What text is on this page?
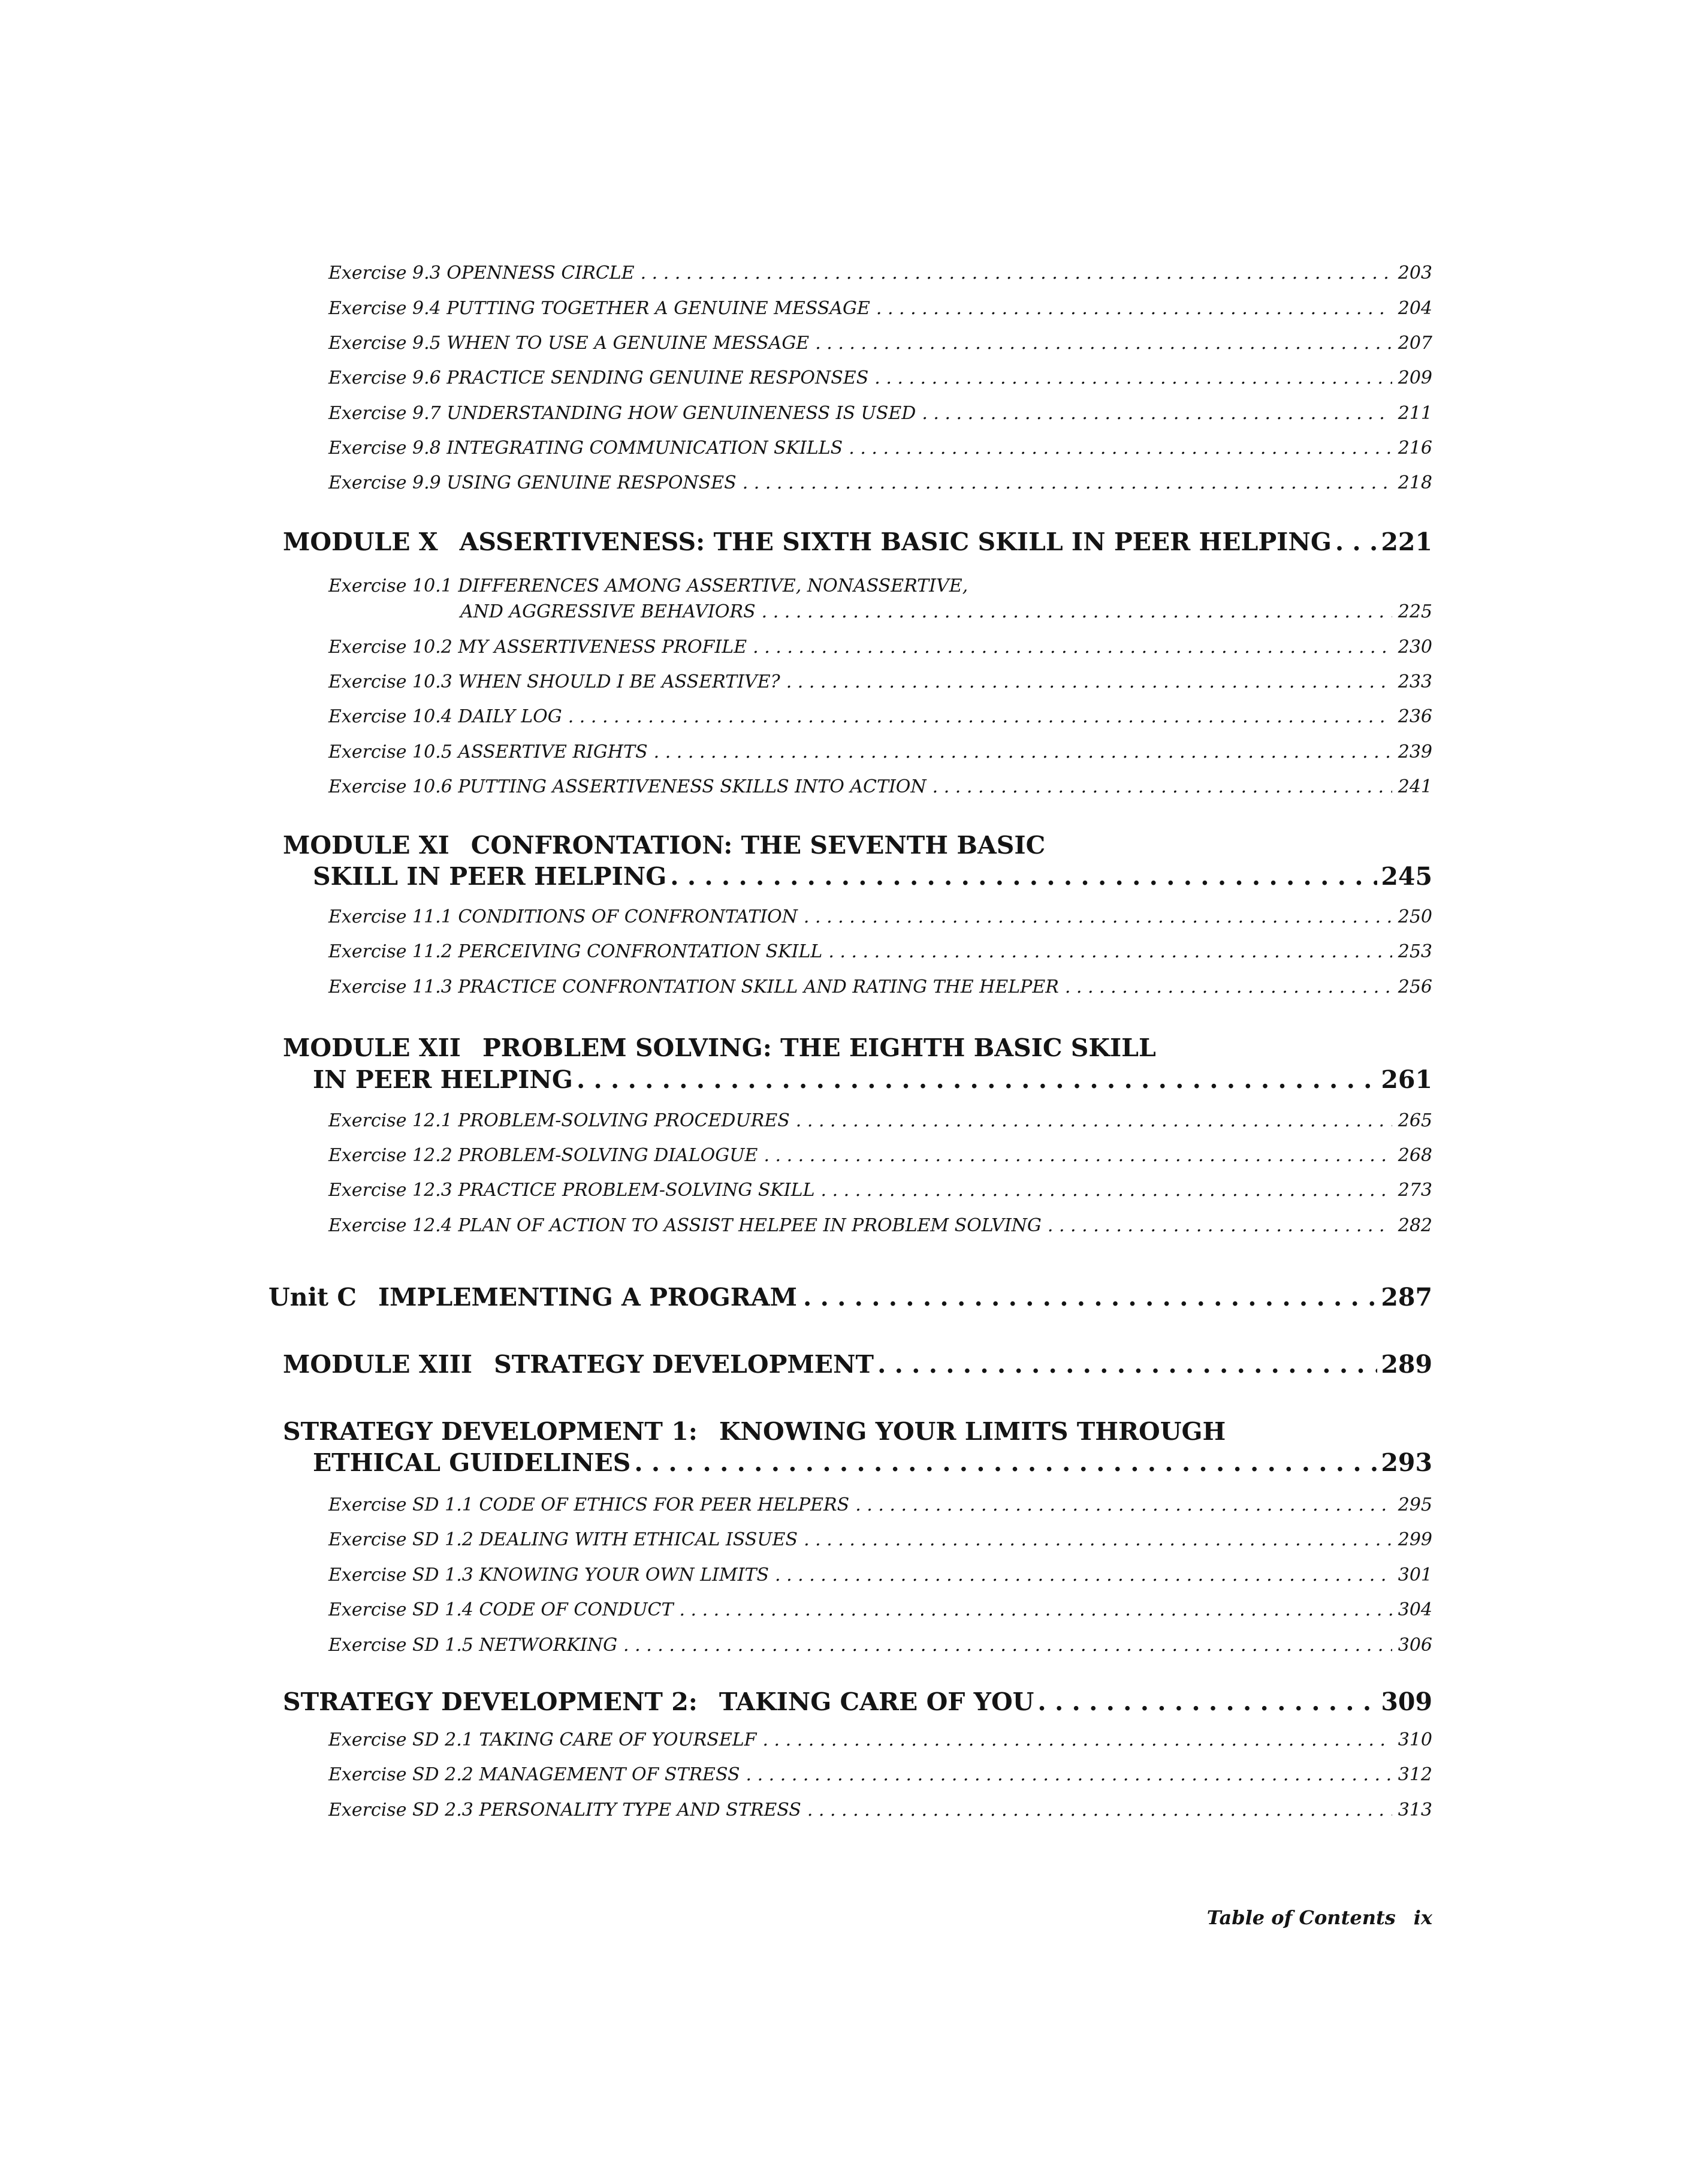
Exercise 9.3 OPENNESS CIRCLE . . .	203
Exercise 9.4 PUTTING TOGETHER A GENUINE MESSAGE . . .	204
Exercise 9.5 WHEN TO USE A GENUINE MESSAGE . . .	207
Exercise 9.6 PRACTICE SENDING GENUINE RESPONSES . . .	209
Exercise 9.7 UNDERSTANDING HOW GENUINENESS IS USED . . .	211
Exercise 9.8 INTEGRATING COMMUNICATION SKILLS . . .	216
Exercise 9.9 USING GENUINE RESPONSES . . .	218
MODULE X ASSERTIVENESS: THE SIXTH BASIC SKILL IN PEER HELPING . . . 221
Exercise 10.1 DIFFERENCES AMONG ASSERTIVE, NONASSERTIVE,
AND AGGRESSIVE BEHAVIORS . . .	225
Exercise 10.2 MY ASSERTIVENESS PROFILE . . .	230
Exercise 10.3 WHEN SHOULD I BE ASSERTIVE? . . .	233
Exercise 10.4 DAILY LOG . . .	236
Exercise 10.5 ASSERTIVE RIGHTS . . .	239
Exercise 10.6 PUTTING ASSERTIVENESS SKILLS INTO ACTION . . .	241
MODULE XI CONFRONTATION: THE SEVENTH BASIC
SKILL IN PEER HELPING . . .	245
Exercise 11.1 CONDITIONS OF CONFRONTATION . . .	250
Exercise 11.2 PERCEIVING CONFRONTATION SKILL . . .	253
Exercise 11.3 PRACTICE CONFRONTATION SKILL AND RATING THE HELPER . . .	256
MODULE XII PROBLEM SOLVING: THE EIGHTH BASIC SKILL
IN PEER HELPING . . .	261
Exercise 12.1 PROBLEM-SOLVING PROCEDURES . . .	265
Exercise 12.2 PROBLEM-SOLVING DIALOGUE . . .	268
Exercise 12.3 PRACTICE PROBLEM-SOLVING SKILL . . .	273
Exercise 12.4 PLAN OF ACTION TO ASSIST HELPEE IN PROBLEM SOLVING . . .	282
Unit C IMPLEMENTING A PROGRAM . . .	287
MODULE XIII STRATEGY DEVELOPMENT . . .	289
STRATEGY DEVELOPMENT 1: KNOWING YOUR LIMITS THROUGH
ETHICAL GUIDELINES . . .	293
Exercise SD 1.1 CODE OF ETHICS FOR PEER HELPERS . . .	295
Exercise SD 1.2 DEALING WITH ETHICAL ISSUES . . .	299
Exercise SD 1.3 KNOWING YOUR OWN LIMITS . . .	301
Exercise SD 1.4 CODE OF CONDUCT . . .	304
Exercise SD 1.5 NETWORKING . . .	306
STRATEGY DEVELOPMENT 2: TAKING CARE OF YOU . . .	309
Exercise SD 2.1 TAKING CARE OF YOURSELF . . .	310
Exercise SD 2.2 MANAGEMENT OF STRESS . . .	312
Exercise SD 2.3 PERSONALITY TYPE AND STRESS . . .	313
Table of Contents ix
